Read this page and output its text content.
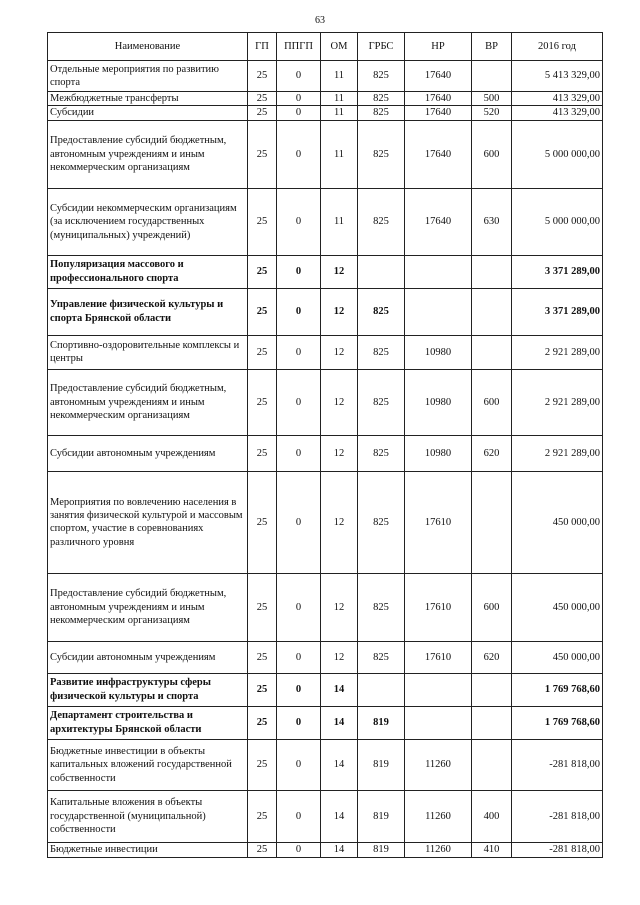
63
Наименование	ГП	ППГП	ОМ	ГРБС	НР	ВР	2016 год
Отдельные мероприятия по развитию спорта	25	0	11	825	17640		5 413 329,00
Межбюджетные трансферты	25	0	11	825	17640	500	413 329,00
Субсидии	25	0	11	825	17640	520	413 329,00
Предоставление субсидий бюджетным, автономным учреждениям и иным некоммерческим организациям	25	0	11	825	17640	600	5 000 000,00
Субсидии некоммерческим организациям (за исключением государственных (муниципальных) учреждений)	25	0	11	825	17640	630	5 000 000,00
Популяризация массового и профессионального спорта	25	0	12				3 371 289,00
Управление физической культуры и спорта Брянской области	25	0	12	825			3 371 289,00
Спортивно-оздоровительные комплексы и центры	25	0	12	825	10980		2 921 289,00
Предоставление субсидий бюджетным, автономным учреждениям и иным некоммерческим организациям	25	0	12	825	10980	600	2 921 289,00
Субсидии автономным учреждениям	25	0	12	825	10980	620	2 921 289,00
Мероприятия по вовлечению населения в занятия физической культурой и массовым спортом, участие в соревнованиях различного уровня	25	0	12	825	17610		450 000,00
Предоставление субсидий бюджетным, автономным учреждениям и иным некоммерческим организациям	25	0	12	825	17610	600	450 000,00
Субсидии автономным учреждениям	25	0	12	825	17610	620	450 000,00
Развитие инфраструктуры сферы физической культуры и спорта	25	0	14				1 769 768,60
Департамент строительства и архитектуры Брянской области	25	0	14	819			1 769 768,60
Бюджетные инвестиции в объекты капитальных вложений государственной собственности	25	0	14	819	11260		-281 818,00
Капитальные вложения в объекты государственной (муниципальной) собственности	25	0	14	819	11260	400	-281 818,00
Бюджетные инвестиции	25	0	14	819	11260	410	-281 818,00
